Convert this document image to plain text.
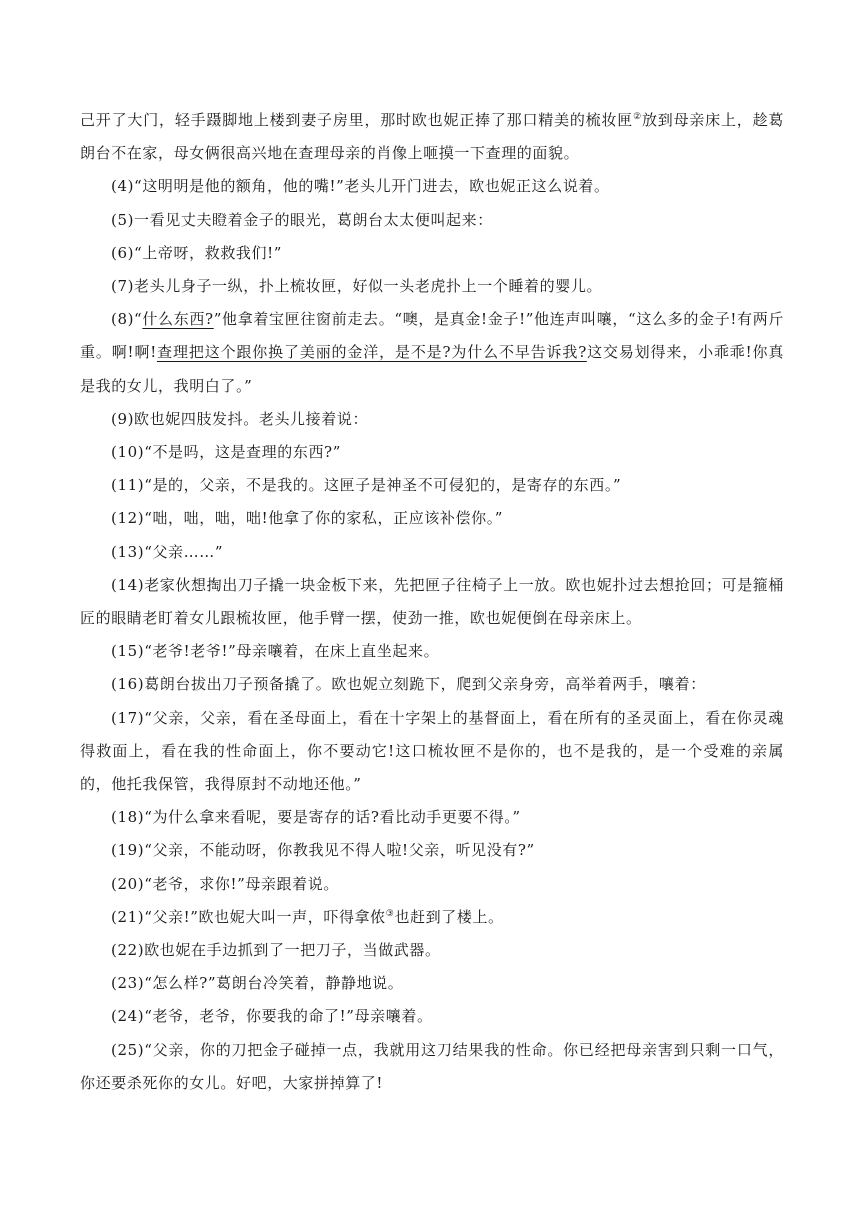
己开了大门，轻手蹑脚地上楼到妻子房里，那时欧也妮正捧了那口精美的梳妆匣②放到母亲床上，趁葛朗台不在家，母女俩很高兴地在查理母亲的肖像上咂摸一下查理的面貌。

(4)“这明明是他的额角，他的嘴!”老头儿开门进去，欧也妮正这么说着。

(5)一看见丈夫瞪着金子的眼光，葛朗台太太便叫起来：

(6)“上帝呀，救救我们!”

(7)老头儿身子一纵，扑上梳妆匣，好似一头老虎扑上一个睡着的婴儿。

(8)“什么东西?”他拿着宝匣往窗前走去。“噢，是真金!金子!”他连声叫嚷，“这么多的金子!有两斤重。啊!啊!查理把这个跟你换了美丽的金洋，是不是?为什么不早告诉我?这交易划得来，小乖乖!你真是我的女儿，我明白了。”

(9)欧也妮四肢发抖。老头儿接着说：

(10)“不是吗，这是查理的东西?”

(11)“是的，父亲，不是我的。这匣子是神圣不可侵犯的，是寄存的东西。”

(12)“咄，咄，咄，咄!他拿了你的家私，正应该补偿你。”

(13)“父亲……”

(14)老家伙想掏出刀子撬一块金板下来，先把匣子往椅子上一放。欧也妮扑过去想抢回；可是箍桶匠的眼睛老盯着女儿跟梳妆匣，他手臂一摆，使劲一推，欧也妮便倒在母亲床上。

(15)“老爷!老爷!”母亲嚷着，在床上直坐起来。

(16)葛朗台拔出刀子预备撬了。欧也妮立刻跪下，爬到父亲身旁，高举着两手，嚷着：

(17)“父亲，父亲，看在圣母面上，看在十字架上的基督面上，看在所有的圣灵面上，看在你灵魂得救面上，看在我的性命面上，你不要动它!这口梳妆匣不是你的，也不是我的，是一个受难的亲属的，他托我保管，我得原封不动地还他。”

(18)“为什么拿来看呢，要是寄存的话?看比动手更要不得。”

(19)“父亲，不能动呀，你教我见不得人啦!父亲，听见没有?”

(20)“老爷，求你!”母亲跟着说。

(21)“父亲!”欧也妮大叫一声，吓得拿侬③也赶到了楼上。

(22)欧也妮在手边抓到了一把刀子，当做武器。

(23)“怎么样?”葛朗台冷笑着，静静地说。

(24)“老爷，老爷，你要我的命了!”母亲嚷着。

(25)“父亲，你的刀把金子碰掉一点，我就用这刀结果我的性命。你已经把母亲害到只剩一口气，你还要杀死你的女儿。好吧，大家拼掉算了!
